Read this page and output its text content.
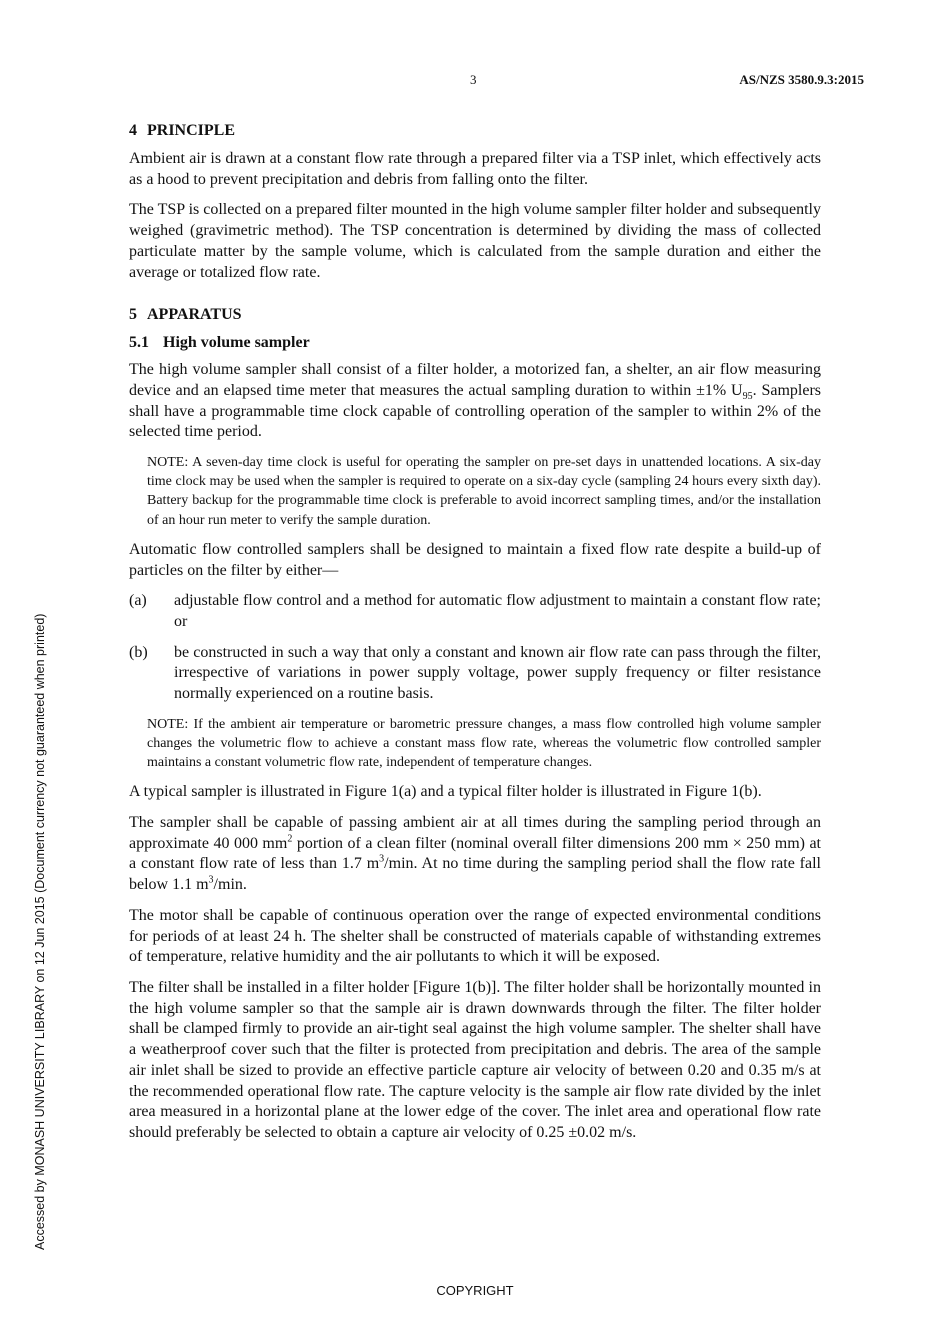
3	AS/NZS 3580.9.3:2015
4 PRINCIPLE

Ambient air is drawn at a constant flow rate through a prepared filter via a TSP inlet, which effectively acts as a hood to prevent precipitation and debris from falling onto the filter.

The TSP is collected on a prepared filter mounted in the high volume sampler filter holder and subsequently weighed (gravimetric method). The TSP concentration is determined by dividing the mass of collected particulate matter by the sample volume, which is calculated from the sample duration and either the average or totalized flow rate.

5 APPARATUS
5.1 High volume sampler

The high volume sampler shall consist of a filter holder, a motorized fan, a shelter, an air flow measuring device and an elapsed time meter that measures the actual sampling duration to within ±1% $U_{95}$. Samplers shall have a programmable time clock capable of controlling operation of the sampler to within 2% of the selected time period.

NOTE: A seven-day time clock is useful for operating the sampler on pre-set days in unattended locations. A six-day time clock may be used when the sampler is required to operate on a six-day cycle (sampling 24 hours every sixth day). Battery backup for the programmable time clock is preferable to avoid incorrect sampling times, and/or the installation of an hour run meter to verify the sample duration.

Automatic flow controlled samplers shall be designed to maintain a fixed flow rate despite a build-up of particles on the filter by either—

(a)	adjustable flow control and a method for automatic flow adjustment to maintain a constant flow rate; or
(b)	be constructed in such a way that only a constant and known air flow rate can pass through the filter, irrespective of variations in power supply voltage, power supply frequency or filter resistance normally experienced on a routine basis.
NOTE: If the ambient air temperature or barometric pressure changes, a mass flow controlled high volume sampler changes the volumetric flow to achieve a constant mass flow rate, whereas the volumetric flow controlled sampler maintains a constant volumetric flow rate, independent of temperature changes.

A typical sampler is illustrated in Figure 1(a) and a typical filter holder is illustrated in Figure 1(b).

The sampler shall be capable of passing ambient air at all times during the sampling period through an approximate 40 000 $mm^2$ portion of a clean filter (nominal overall filter dimensions 200 mm × 250 mm) at a constant flow rate of less than 1.7 $m^3/\min$. At no time during the sampling period shall the flow rate fall below 1.1 $m^3/\min$.

The motor shall be capable of continuous operation over the range of expected environmental conditions for periods of at least 24 h. The shelter shall be constructed of materials capable of withstanding extremes of temperature, relative humidity and the air pollutants to which it will be exposed.

The filter shall be installed in a filter holder [Figure 1(b)]. The filter holder shall be horizontally mounted in the high volume sampler so that the sample air is drawn downwards through the filter. The filter holder shall be clamped firmly to provide an air-tight seal against the high volume sampler. The shelter shall have a weatherproof cover such that the filter is protected from precipitation and debris. The area of the sample air inlet shall be sized to provide an effective particle capture air velocity of between 0.20 and 0.35 m/s at the recommended operational flow rate. The capture velocity is the sample air flow rate divided by the inlet area measured in a horizontal plane at the lower edge of the cover. The inlet area and operational flow rate should preferably be selected to obtain a capture air velocity of 0.25 ±0.02 m/s.

COPYRIGHT
Accessed by MONASH UNIVERSITY LIBRARY on 12 Jun 2015 (Document currency not guaranteed when printed)
